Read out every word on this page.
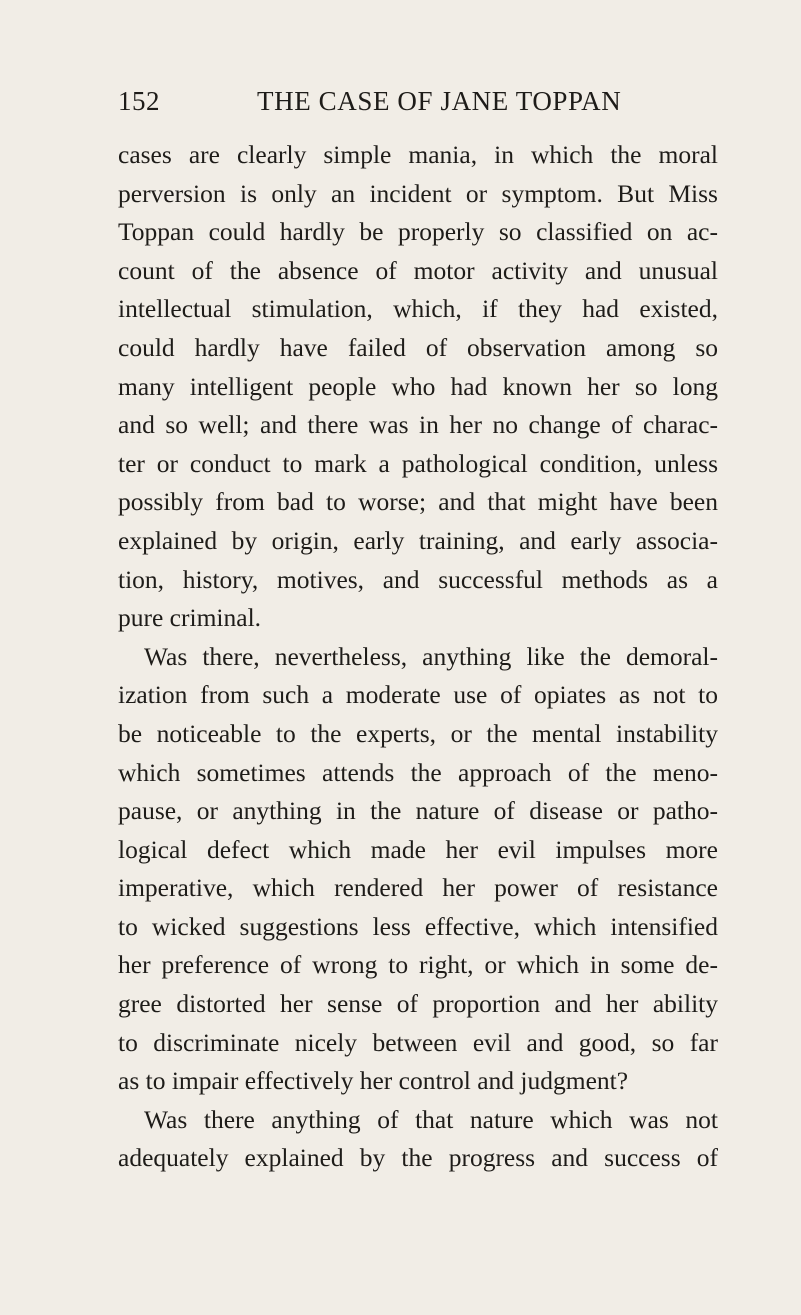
152	THE CASE OF JANE TOPPAN
cases are clearly simple mania, in which the moral
perversion is only an incident or symptom. But Miss
Toppan could hardly be properly so classified on ac-
count of the absence of motor activity and unusual
intellectual stimulation, which, if they had existed,
could hardly have failed of observation among so
many intelligent people who had known her so long
and so well; and there was in her no change of charac-
ter or conduct to mark a pathological condition, unless
possibly from bad to worse; and that might have been
explained by origin, early training, and early associa-
tion, history, motives, and successful methods as a
pure criminal.
Was there, nevertheless, anything like the demoral-
ization from such a moderate use of opiates as not to
be noticeable to the experts, or the mental instability
which sometimes attends the approach of the meno-
pause, or anything in the nature of disease or patho-
logical defect which made her evil impulses more
imperative, which rendered her power of resistance
to wicked suggestions less effective, which intensified
her preference of wrong to right, or which in some de-
gree distorted her sense of proportion and her ability
to discriminate nicely between evil and good, so far
as to impair effectively her control and judgment?
Was there anything of that nature which was not
adequately explained by the progress and success of
